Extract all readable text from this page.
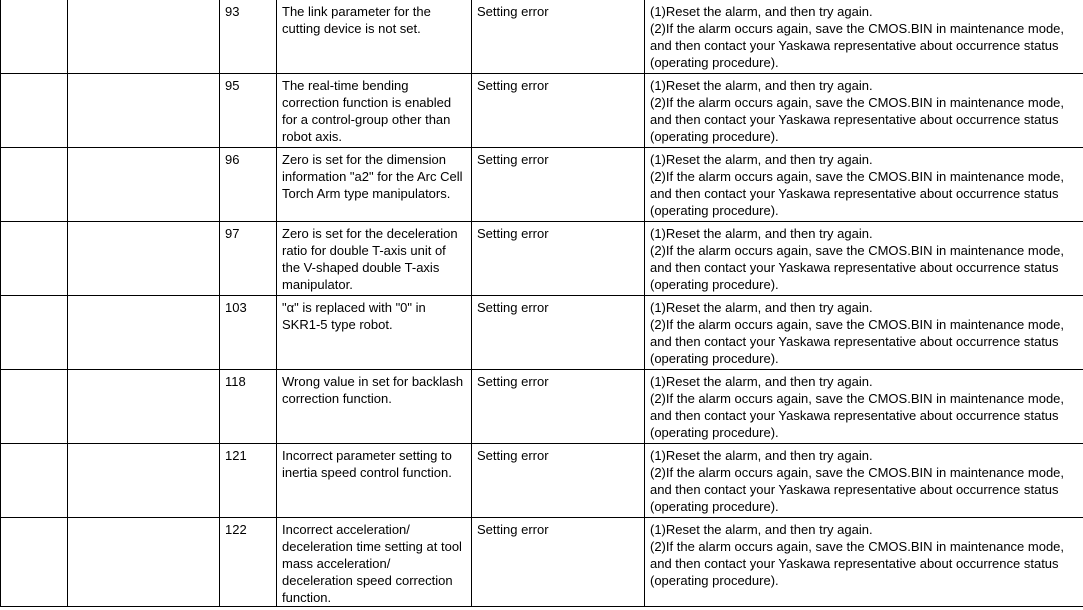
		93	The link parameter for the cutting device is not set.	Setting error	(1)Reset the alarm, and then try again.
(2)If the alarm occurs again, save the CMOS.BIN in maintenance mode, and then contact your Yaskawa representative about occurrence status (operating procedure).
		95	The real-time bending correction function is enabled for a control-group other than robot axis.	Setting error	(1)Reset the alarm, and then try again.
(2)If the alarm occurs again, save the CMOS.BIN in maintenance mode, and then contact your Yaskawa representative about occurrence status (operating procedure).
		96	Zero is set for the dimension information "a2" for the Arc Cell Torch Arm type manipulators.	Setting error	(1)Reset the alarm, and then try again.
(2)If the alarm occurs again, save the CMOS.BIN in maintenance mode, and then contact your Yaskawa representative about occurrence status (operating procedure).
		97	Zero is set for the deceleration ratio for double T-axis unit of the V-shaped double T-axis manipulator.	Setting error	(1)Reset the alarm, and then try again.
(2)If the alarm occurs again, save the CMOS.BIN in maintenance mode, and then contact your Yaskawa representative about occurrence status (operating procedure).
		103	"α" is replaced with "0" in SKR1-5 type robot.	Setting error	(1)Reset the alarm, and then try again.
(2)If the alarm occurs again, save the CMOS.BIN in maintenance mode, and then contact your Yaskawa representative about occurrence status (operating procedure).
		118	Wrong value in set for backlash correction function.	Setting error	(1)Reset the alarm, and then try again.
(2)If the alarm occurs again, save the CMOS.BIN in maintenance mode, and then contact your Yaskawa representative about occurrence status (operating procedure).
		121	Incorrect parameter setting to inertia speed control function.	Setting error	(1)Reset the alarm, and then try again.
(2)If the alarm occurs again, save the CMOS.BIN in maintenance mode, and then contact your Yaskawa representative about occurrence status (operating procedure).
		122	Incorrect acceleration/
deceleration time setting at tool mass acceleration/
deceleration speed correction function.	Setting error	(1)Reset the alarm, and then try again.
(2)If the alarm occurs again, save the CMOS.BIN in maintenance mode, and then contact your Yaskawa representative about occurrence status (operating procedure).
